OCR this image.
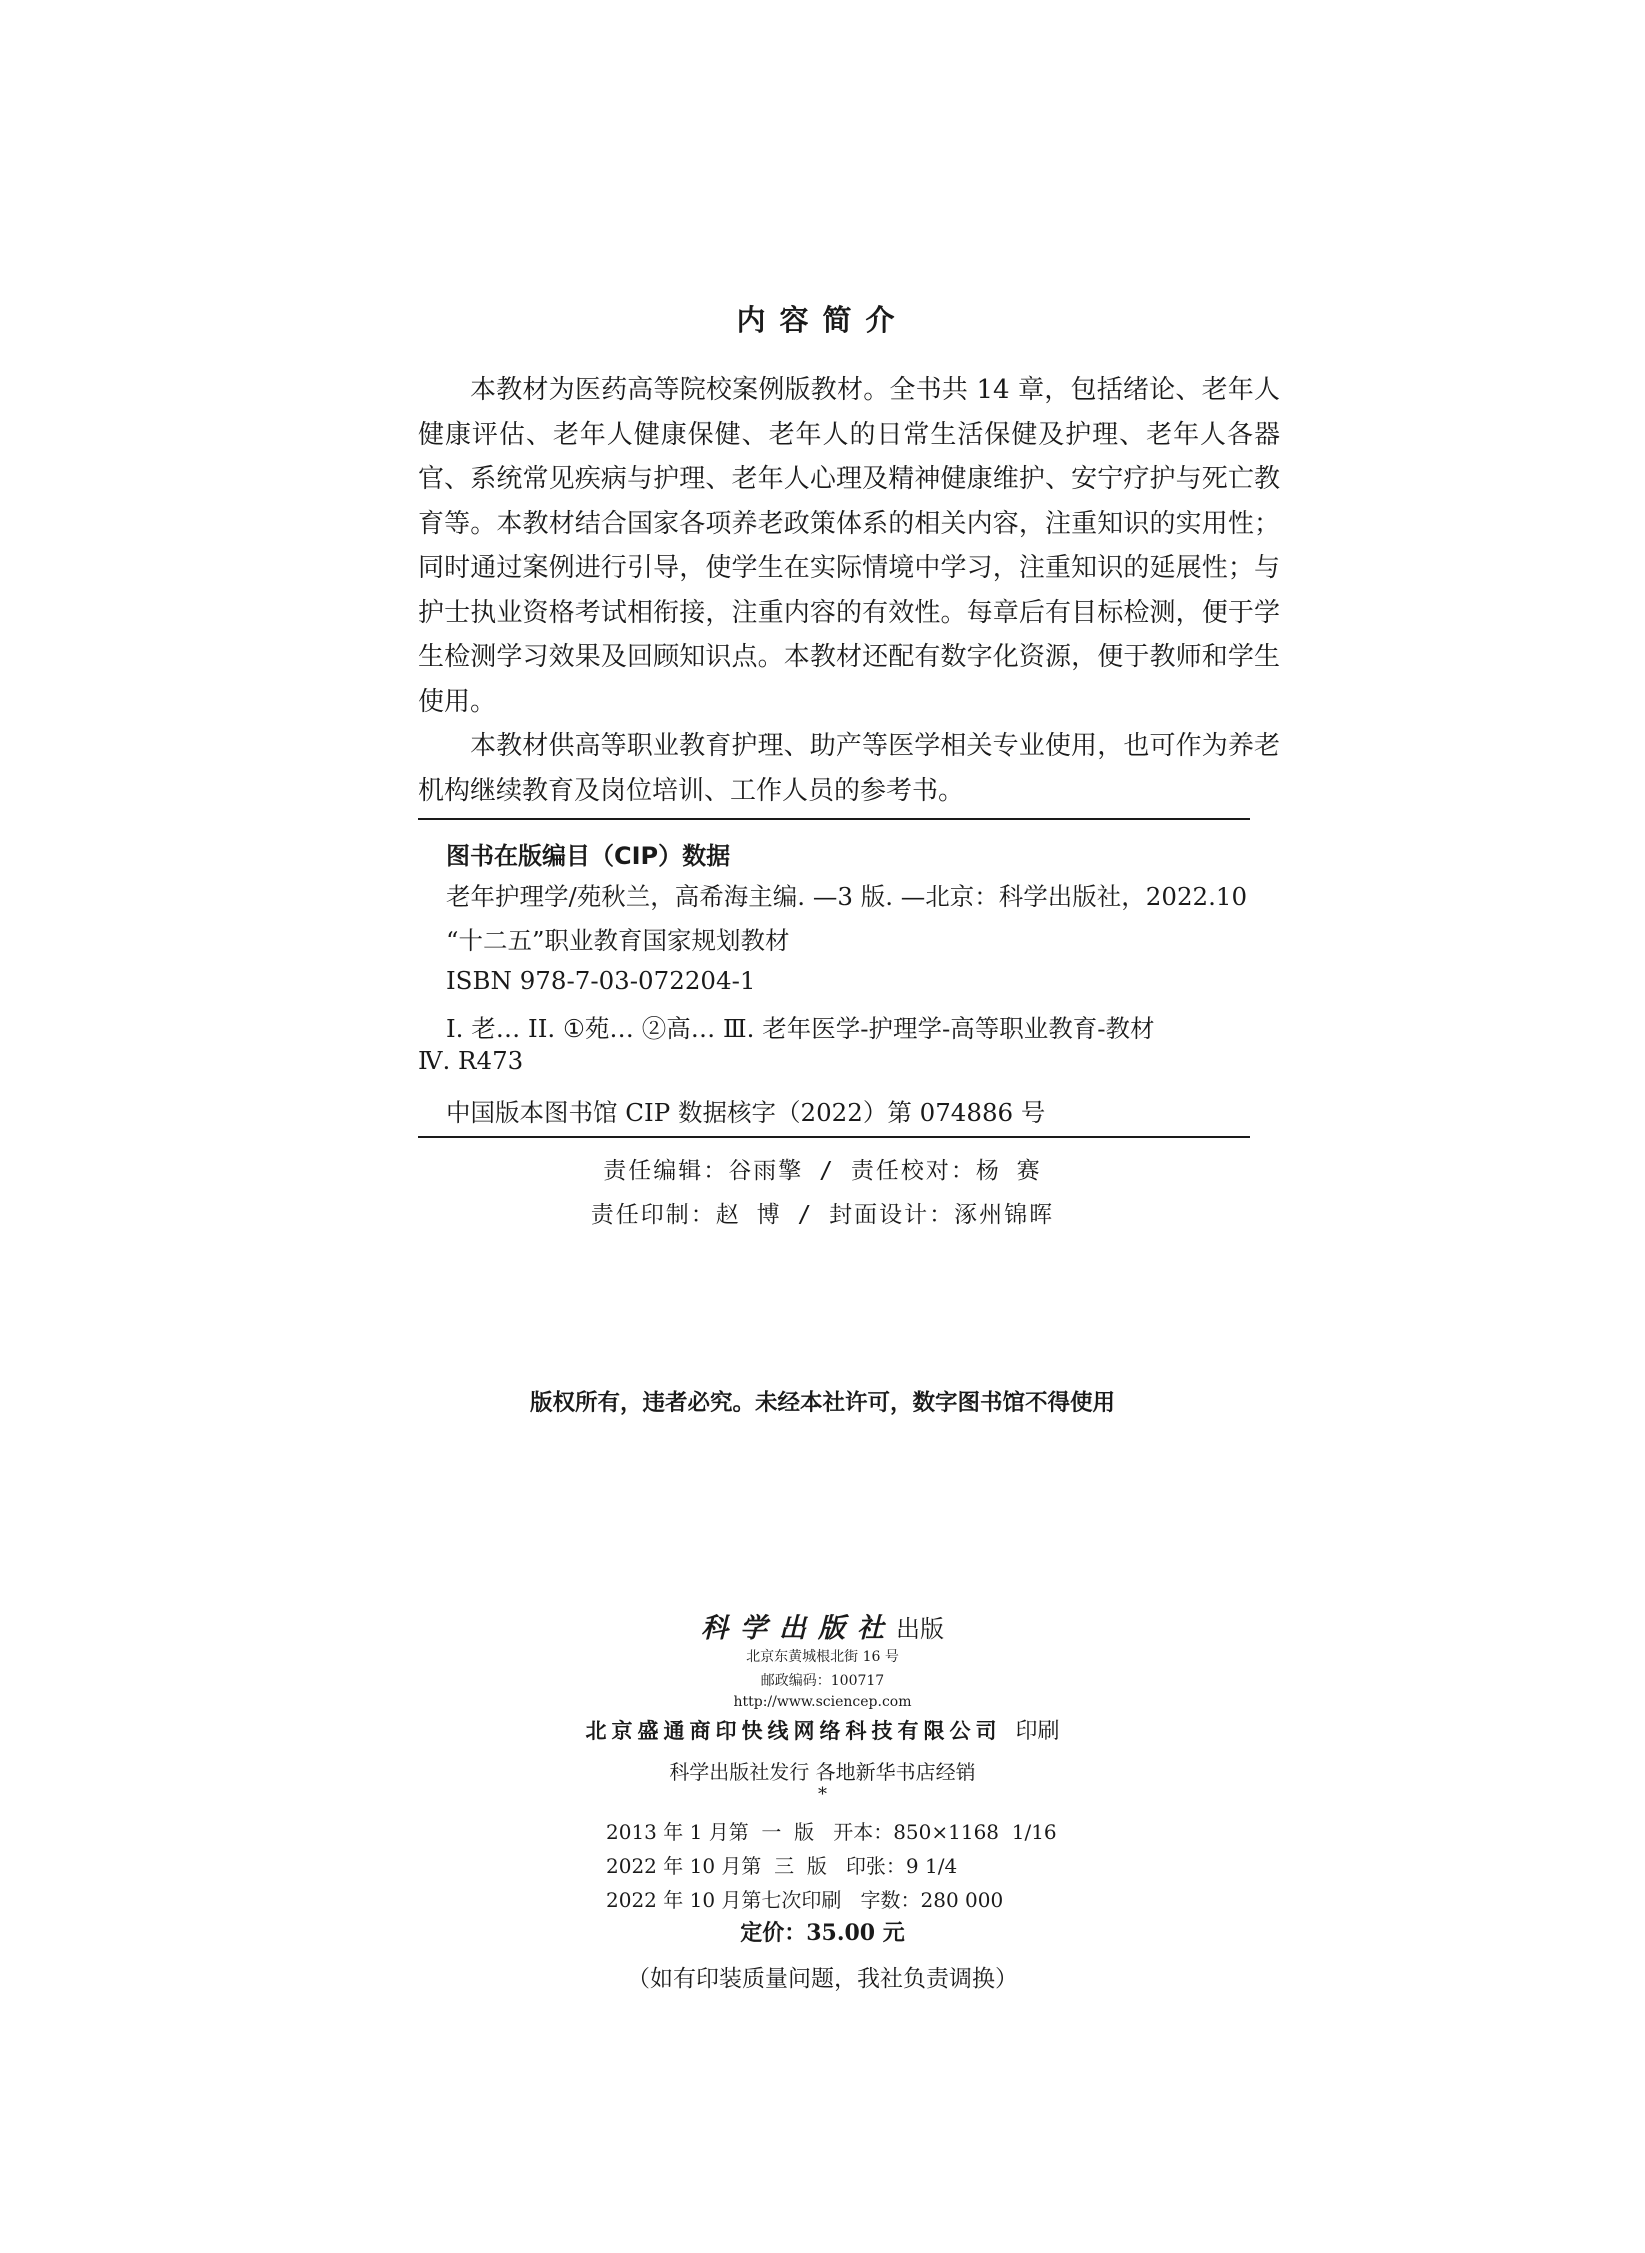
内容简介

本教材为医药高等院校案例版教材。全书共 14 章，包括绪论、老年人健康评估、老年人健康保健、老年人的日常生活保健及护理、老年人各器官、系统常见疾病与护理、老年人心理及精神健康维护、安宁疗护与死亡教育等。本教材结合国家各项养老政策体系的相关内容，注重知识的实用性；同时通过案例进行引导，使学生在实际情境中学习，注重知识的延展性；与护士执业资格考试相衔接，注重内容的有效性。每章后有目标检测，便于学生检测学习效果及回顾知识点。本教材还配有数字化资源，便于教师和学生使用。

本教材供高等职业教育护理、助产等医学相关专业使用，也可作为养老机构继续教育及岗位培训、工作人员的参考书。

图书在版编目（CIP）数据
老年护理学/苑秋兰，高希海主编. —3 版. —北京：科学出版社，2022.10
“十二五”职业教育国家规划教材
ISBN 978-7-03-072204-1
I. 老… II. ①苑… ②高… Ⅲ. 老年医学-护理学-高等职业教育-教材
Ⅳ. R473
中国版本图书馆 CIP 数据核字（2022）第 074886 号
责任编辑：谷雨擎 / 责任校对：杨 赛
责任印制：赵 博 / 封面设计：涿州锦晖
版权所有，违者必究。未经本社许可，数字图书馆不得使用
科学出版社出版
北京东黄城根北街 16 号
邮政编码：100717
http://www.sciencep.com
北京盛通商印快线网络科技有限公司 印刷
科学出版社发行 各地新华书店经销
*
2013 年 1 月第  一  版   开本：850×1168  1/16
2022 年 10 月第  三  版   印张：9 1/4
2022 年 10 月第七次印刷   字数：280 000
定价：35.00 元
（如有印装质量问题，我社负责调换）
